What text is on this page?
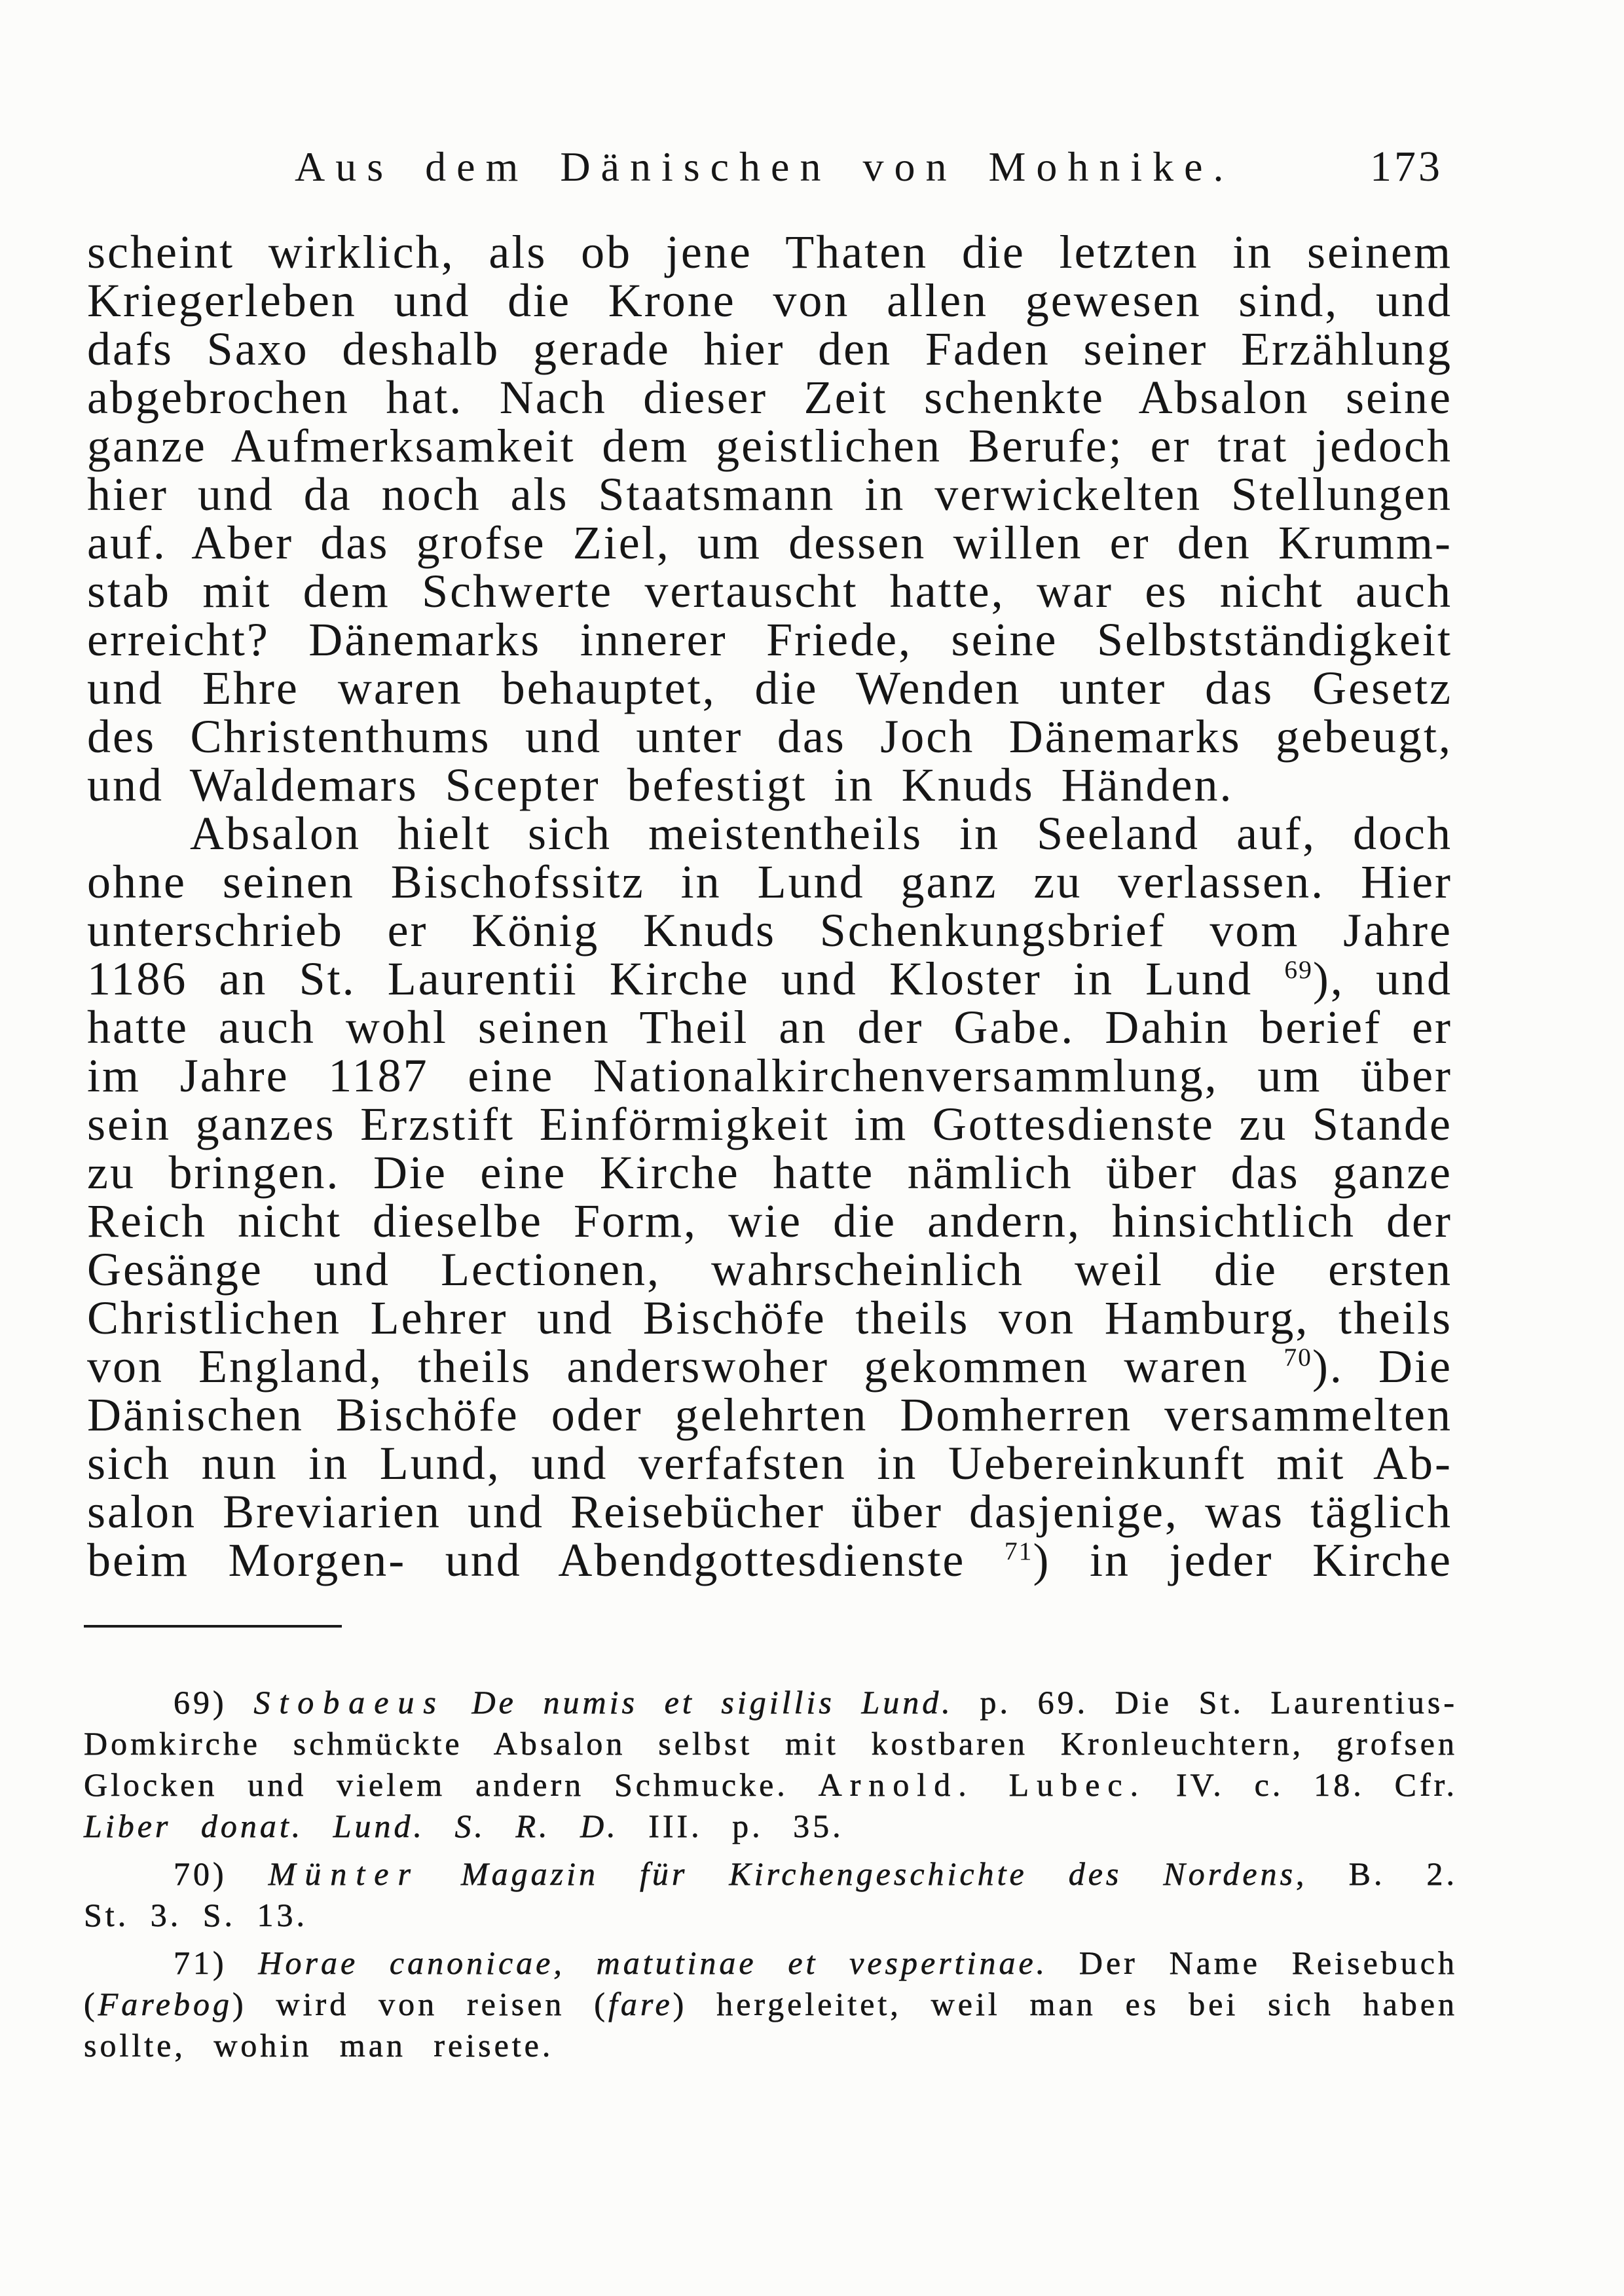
Aus dem Dänischen von Mohnike.	173
scheint wirklich, als ob jene Thaten die letzten in seinem
Kriegerleben und die Krone von allen gewesen sind, und
dafs Saxo deshalb gerade hier den Faden seiner Erzählung
abgebrochen hat. Nach dieser Zeit schenkte Absalon seine
ganze Aufmerksamkeit dem geistlichen Berufe; er trat jedoch
hier und da noch als Staatsmann in verwickelten Stellungen
auf. Aber das grofse Ziel, um dessen willen er den Krumm-
stab mit dem Schwerte vertauscht hatte, war es nicht auch
erreicht? Dänemarks innerer Friede, seine Selbstständigkeit
und Ehre waren behauptet, die Wenden unter das Gesetz
des Christenthums und unter das Joch Dänemarks gebeugt,
und Waldemars Scepter befestigt in Knuds Händen.
Absalon hielt sich meistentheils in Seeland auf, doch
ohne seinen Bischofssitz in Lund ganz zu verlassen. Hier
unterschrieb er König Knuds Schenkungsbrief vom Jahre
1186 an St. Laurentii Kirche und Kloster in Lund $^{69}$), und
hatte auch wohl seinen Theil an der Gabe. Dahin berief er
im Jahre 1187 eine Nationalkirchenversammlung, um über
sein ganzes Erzstift Einförmigkeit im Gottesdienste zu Stande
zu bringen. Die eine Kirche hatte nämlich über das ganze
Reich nicht dieselbe Form, wie die andern, hinsichtlich der
Gesänge und Lectionen, wahrscheinlich weil die ersten
Christlichen Lehrer und Bischöfe theils von Hamburg, theils
von England, theils anderswoher gekommen waren $^{70}$). Die
Dänischen Bischöfe oder gelehrten Domherren versammelten
sich nun in Lund, und verfafsten in Uebereinkunft mit Ab-
salon Breviarien und Reisebücher über dasjenige, was täglich
beim Morgen- und Abendgottesdienste $^{71}$) in jeder Kirche
69) Stobaeus De numis et sigillis Lund. p. 69. Die St. Laurentius-
Domkirche schmückte Absalon selbst mit kostbaren Kronleuchtern, grofsen
Glocken und vielem andern Schmucke. Arnold. Lubec. IV. c. 18. Cfr.
Liber donat. Lund. S. R. D. III. p. 35.
70) Münter Magazin für Kirchengeschichte des Nordens, B. 2.
St. 3. S. 13.
71) Horae canonicae, matutinae et vespertinae. Der Name Reisebuch
(Farebog) wird von reisen (fare) hergeleitet, weil man es bei sich haben
sollte, wohin man reisete.
